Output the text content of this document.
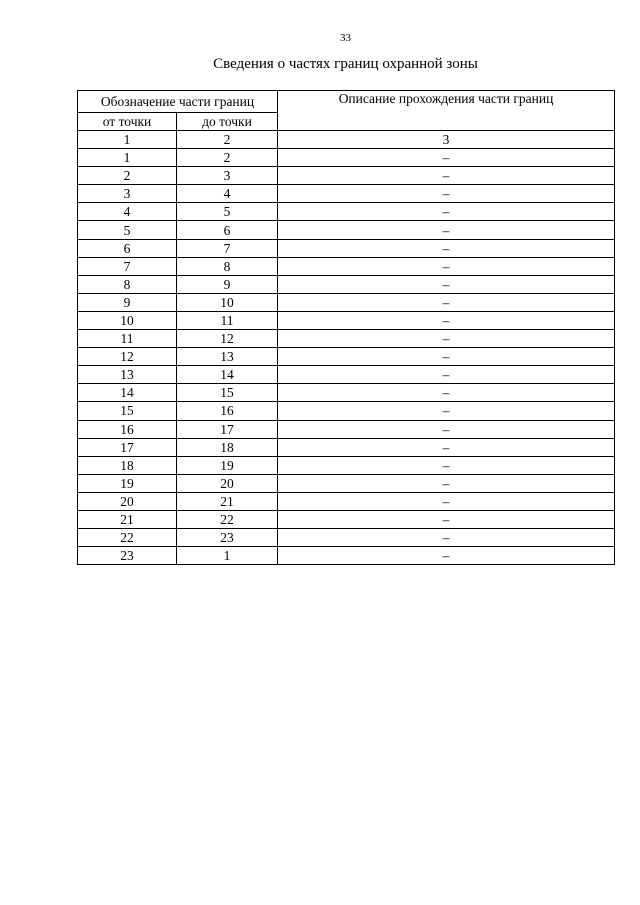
33
Сведения о частях границ охранной зоны
Обозначение части границ		Описание прохождения части границ
от точки	до точки	
1	2	3
1	2	–
2	3	–
3	4	–
4	5	–
5	6	–
6	7	–
7	8	–
8	9	–
9	10	–
10	11	–
11	12	–
12	13	–
13	14	–
14	15	–
15	16	–
16	17	–
17	18	–
18	19	–
19	20	–
20	21	–
21	22	–
22	23	–
23	1	–
